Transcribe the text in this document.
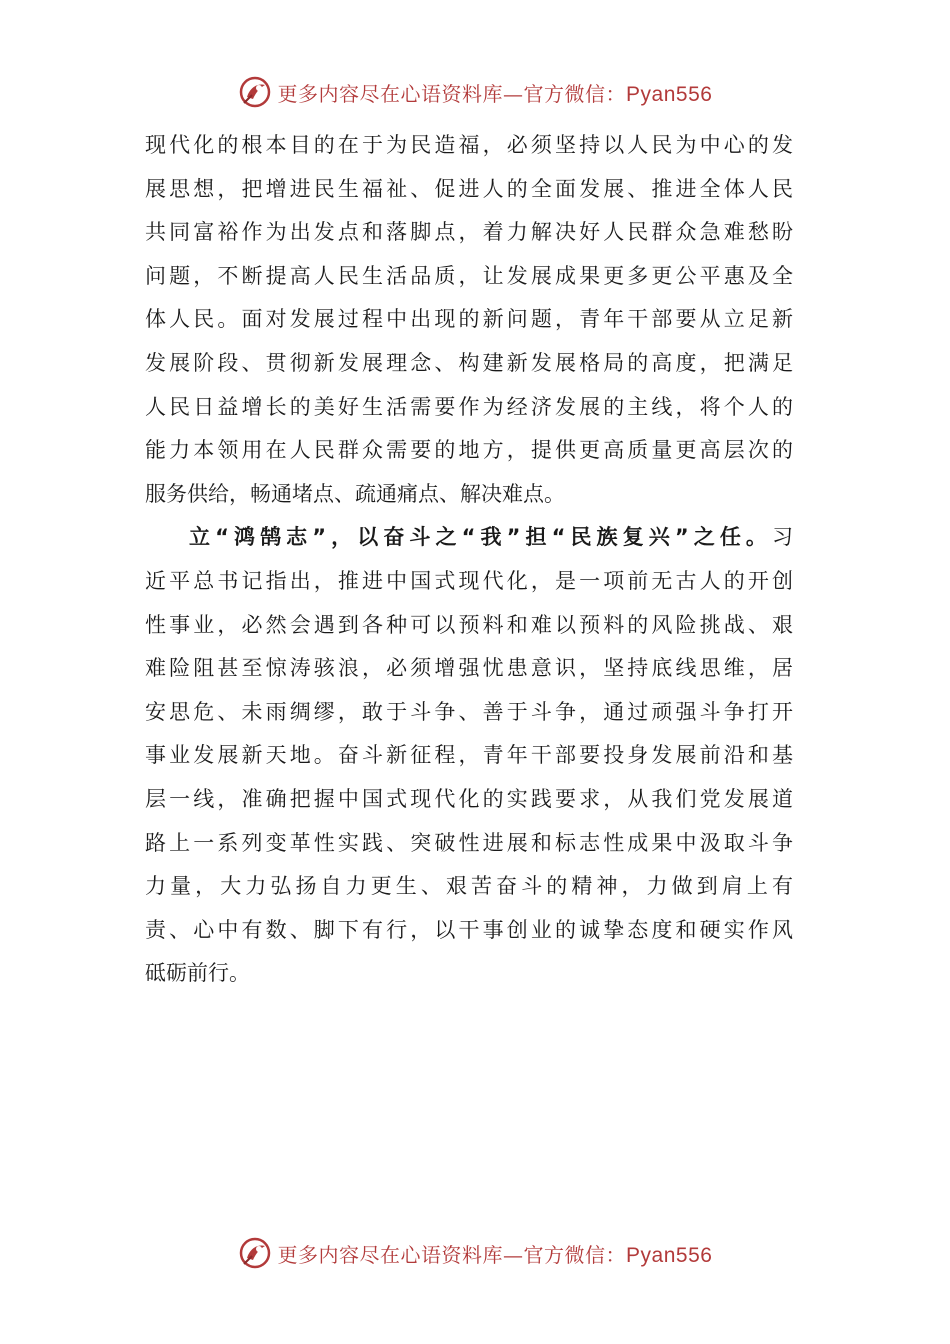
更多内容尽在心语资料库—官方微信：Pyan556
现代化的根本目的在于为民造福，必须坚持以人民为中心的发
展思想，把增进民生福祉、促进人的全面发展、推进全体人民
共同富裕作为出发点和落脚点，着力解决好人民群众急难愁盼
问题，不断提高人民生活品质，让发展成果更多更公平惠及全
体人民。面对发展过程中出现的新问题，青年干部要从立足新
发展阶段、贯彻新发展理念、构建新发展格局的高度，把满足
人民日益增长的美好生活需要作为经济发展的主线，将个人的
能力本领用在人民群众需要的地方，提供更高质量更高层次的
服务供给，畅通堵点、疏通痛点、解决难点。
立“鸿鹄志”，以奋斗之“我”担“民族复兴”之任。习
近平总书记指出，推进中国式现代化，是一项前无古人的开创
性事业，必然会遇到各种可以预料和难以预料的风险挑战、艰
难险阻甚至惊涛骇浪，必须增强忧患意识，坚持底线思维，居
安思危、未雨绸缪，敢于斗争、善于斗争，通过顽强斗争打开
事业发展新天地。奋斗新征程，青年干部要投身发展前沿和基
层一线，准确把握中国式现代化的实践要求，从我们党发展道
路上一系列变革性实践、突破性进展和标志性成果中汲取斗争
力量，大力弘扬自力更生、艰苦奋斗的精神，力做到肩上有
责、心中有数、脚下有行，以干事创业的诚挚态度和硬实作风
砥砺前行。
更多内容尽在心语资料库—官方微信：Pyan556
